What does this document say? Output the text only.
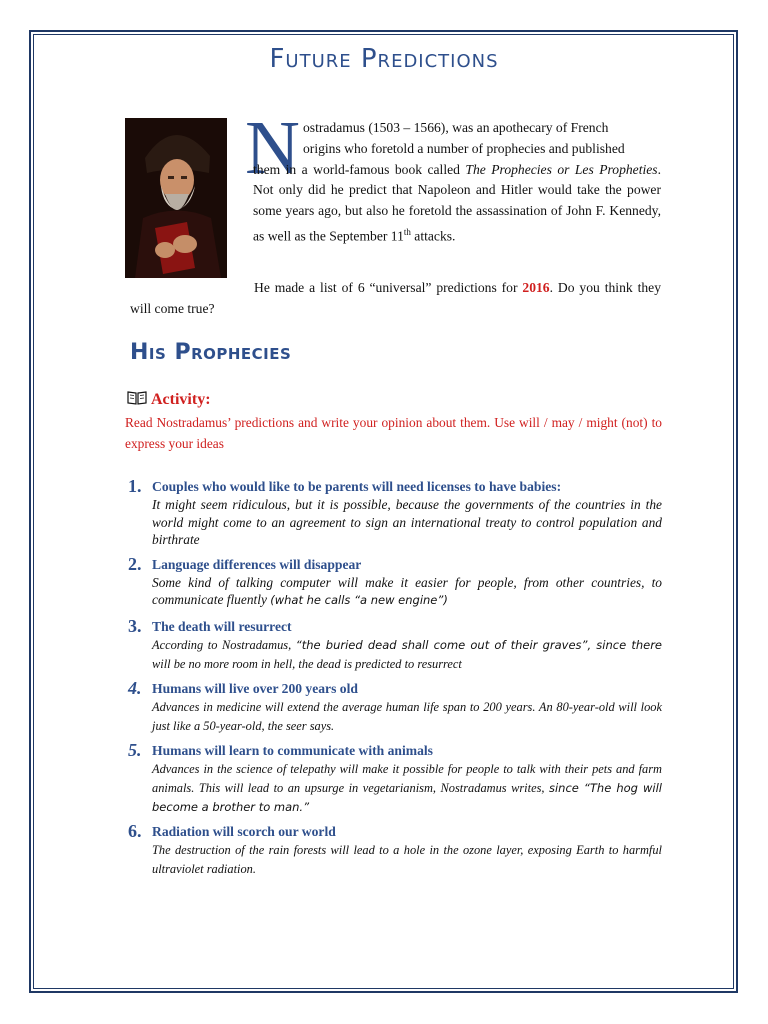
Future Predictions
N ostradamus (1503 – 1566), was an apothecary of French
origins who foretold a number of prophecies and published
them in a world-famous book called The Prophecies or Les Propheties. Not only did he predict that Napoleon and Hitler would take the power some years ago, but also he foretold the assassination of John F. Kennedy, as well as the September 11th attacks.
He made a list of 6 “universal” predictions for 2016. Do you think they will come true?
His Prophecies
Activity:
Read Nostradamus’ predictions and write your opinion about them. Use will / may / might (not) to express your ideas
1. Couples who would like to be parents will need licenses to have babies:
It might seem ridiculous, but it is possible, because the governments of the countries in the world might come to an agreement to sign an international treaty to control population and birthrate
2. Language differences will disappear
Some kind of talking computer will make it easier for people, from other countries, to communicate fluently (what he calls “a new engine”)
3. The death will resurrect
According to Nostradamus, “the buried dead shall come out of their graves”, since there will be no more room in hell, the dead is predicted to resurrect
4. Humans will live over 200 years old
Advances in medicine will extend the average human life span to 200 years. An 80-year-old will look just like a 50-year-old, the seer says.
5. Humans will learn to communicate with animals
Advances in the science of telepathy will make it possible for people to talk with their pets and farm animals. This will lead to an upsurge in vegetarianism, Nostradamus writes, since “The hog will become a brother to man.”
6. Radiation will scorch our world
The destruction of the rain forests will lead to a hole in the ozone layer, exposing Earth to harmful ultraviolet radiation.
